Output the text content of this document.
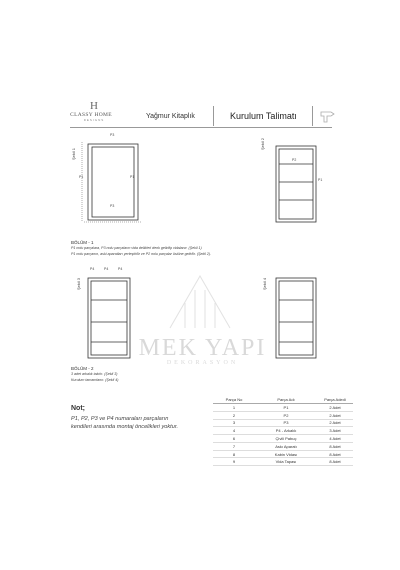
H
CLASSY HOME
DESIGNS	Yağmur Kitaplık	Kurulum Talimatı
Şekil 1
P3
P1	P1
P3
Şekil 2
P2
P1
BÖLÜM - 1
P1 nolu parçalara, P3 nolu parçaların vida deliklerl denk gelirilip vidalanır. (Şekil 1)
P1 nolu parçanın, aski aparatları yerleştirilir ve P2 nolu parçalar üstüne gelirilir. (Şekil 2).
Şekil 3
P4	P4	P4
Şekil 4
MEK YAPI
DEKORASYON
BÖLÜM - 2
3 adet arkalık takılır. (Şekil 3)
Kurulum tamamlanır. (Şekil 4)
Not;
P1, P2, P3 ve P4 numaraları parçaların kendileri arasında montaj öncelikleri yoktur.
Parça No	Parça Adı	Parça Adedi
1	P1	2 Adet
2	P2	2 Adet
3	P3	2 Adet
4	P4 - Arkalık	3 Adet
6	Çivili Pabuç	4 Adet
7	Askı Aparatı	8 Adet
8	Kabin Vidası	8 Adet
9	Vida Tapası	8 Adet
